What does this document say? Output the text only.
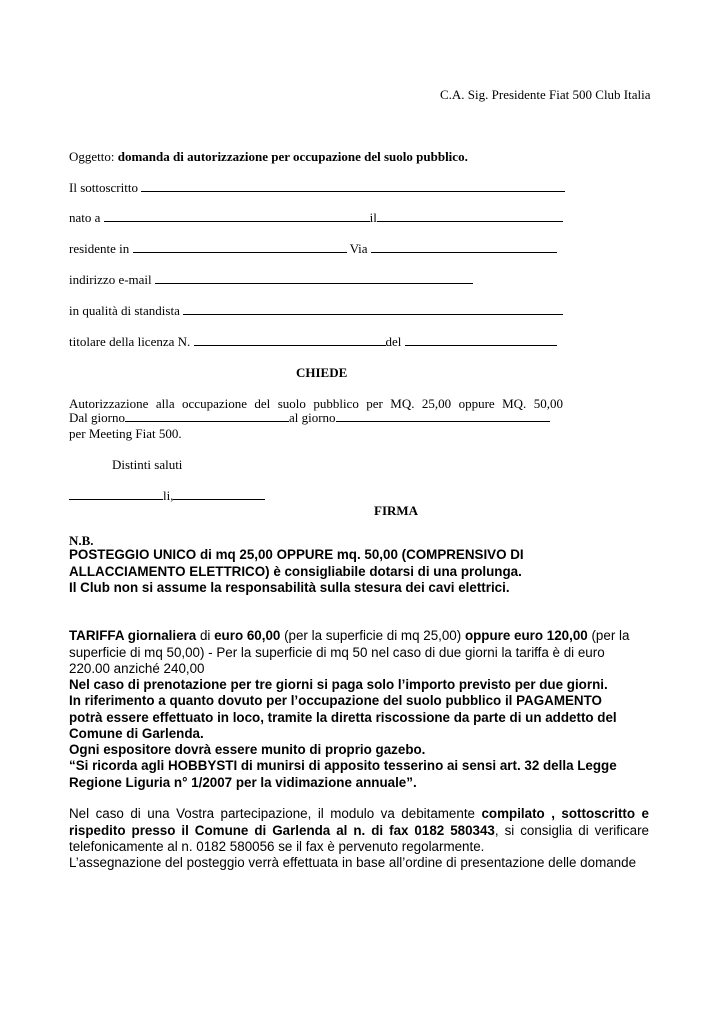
C.A. Sig. Presidente Fiat 500 Club Italia
Oggetto: domanda di autorizzazione per occupazione del suolo pubblico.
Il sottoscritto
nato a	il
residente in	Via
indirizzo e-mail
in qualità di standista
titolare della licenza N.	del
CHIEDE
Autorizzazione alla occupazione del suolo pubblico per MQ. 25,00 oppure MQ. 50,00
Dal giorno	al giorno
per Meeting Fiat 500.
Distinti saluti
li,
FIRMA
N.B.
POSTEGGIO UNICO di mq 25,00 OPPURE mq. 50,00 (COMPRENSIVO DI ALLACCIAMENTO ELETTRICO) è consigliabile dotarsi di una prolunga.
Il Club non si assume la responsabilità sulla stesura dei cavi elettrici.
TARIFFA giornaliera di euro 60,00 (per la superficie di mq 25,00) oppure euro 120,00 (per la superficie di mq 50,00) - Per la superficie di mq 50 nel caso di due giorni la tariffa è di euro 220.00 anziché 240,00
Nel caso di prenotazione per tre giorni si paga solo l’importo previsto per due giorni.
In riferimento a quanto dovuto per l’occupazione del suolo pubblico il PAGAMENTO potrà essere effettuato in loco, tramite la diretta riscossione da parte di un addetto del Comune di Garlenda.
Ogni espositore dovrà essere munito di proprio gazebo.
“Si ricorda agli HOBBYSTI di munirsi di apposito tesserino ai sensi art. 32 della Legge Regione Liguria n° 1/2007 per la vidimazione annuale”.
Nel caso di una Vostra partecipazione, il modulo va debitamente compilato , sottoscritto e rispedito presso il Comune di Garlenda al n. di fax 0182 580343, si consiglia di verificare telefonicamente al n. 0182 580056 se il fax è pervenuto regolarmente.
L’assegnazione del posteggio verrà effettuata in base all’ordine di presentazione delle domande
